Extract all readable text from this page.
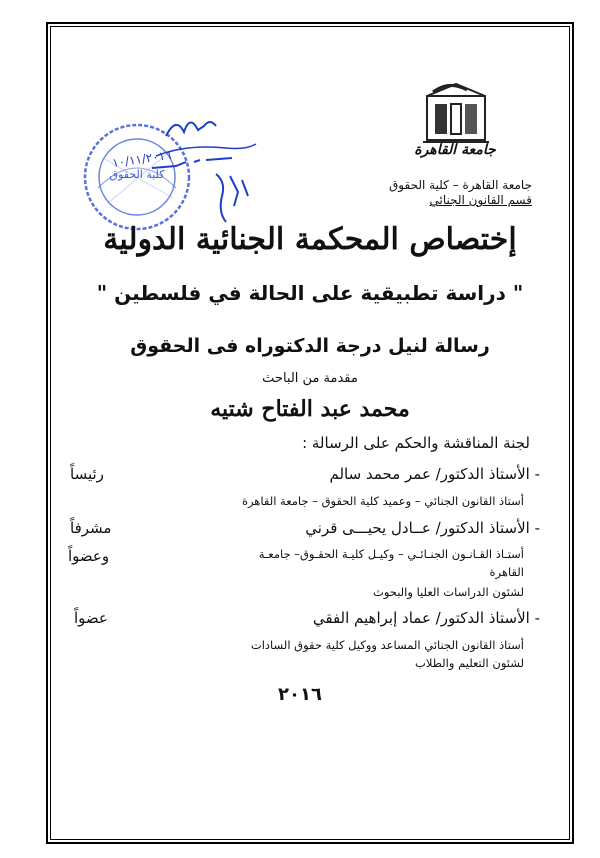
جامعة القاهرة
كلية الحقوق
١٠/١١/٢٠١٦
جامعة القاهرة – كلية الحقوق
قسم القانون الجنائي
إختصاص المحكمة الجنائية الدولية
" دراسة تطبيقية على الحالة في فلسطين "
رسالة لنيل درجة الدكتوراه فى الحقوق
مقدمة من الباحث
محمد عبد الفتاح شتيه
لجنة المناقشة والحكم على الرسالة :
- الأستاذ الدكتور/ عمر محمد سالم
رئيساً
أستاذ القانون الجنائي – وعميد كلية الحقوق – جامعة القاهرة
- الأستاذ الدكتور/ عــادل يحيـــى قرني
مشرفاً
وعضواً	أستـاذ القـانـون الجنـائـي – وكيـل كليـة الحقـوق– جامعـة
القاهرة
لشئون الدراسات العليا والبحوث
- الأستاذ الدكتور/ عماد إبراهيم الفقي
عضواً
أستاذ القانون الجنائي المساعد ووكيل كلية حقوق السادات
لشئون التعليم والطلاب
٢٠١٦
